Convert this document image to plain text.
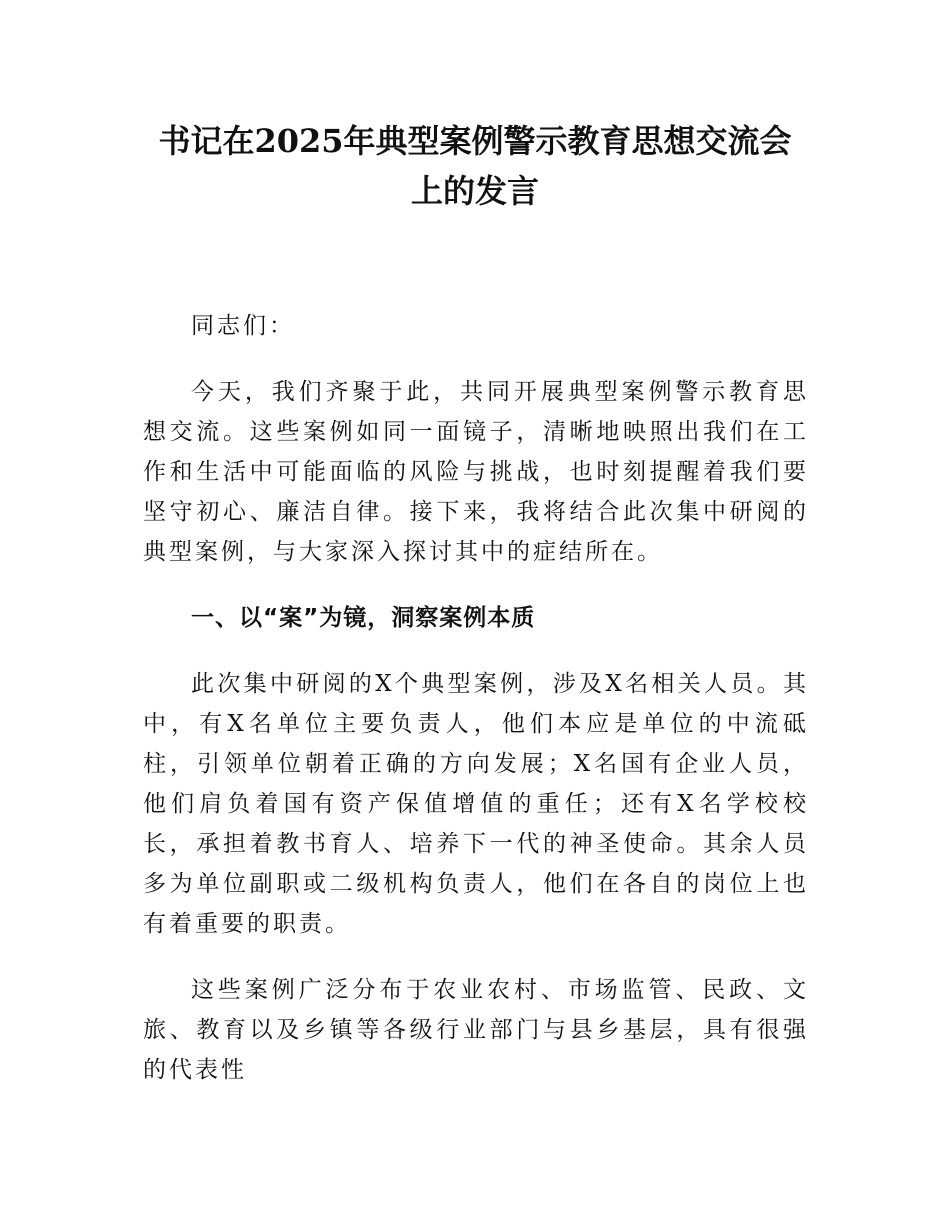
书记在2025年典型案例警示教育思想交流会
上的发言

同志们：

今天，我们齐聚于此，共同开展典型案例警示教育思想交流。这些案例如同一面镜子，清晰地映照出我们在工作和生活中可能面临的风险与挑战，也时刻提醒着我们要坚守初心、廉洁自律。接下来，我将结合此次集中研阅的典型案例，与大家深入探讨其中的症结所在。

一、以“案”为镜，洞察案例本质

此次集中研阅的X个典型案例，涉及X名相关人员。其中，有X名单位主要负责人，他们本应是单位的中流砥柱，引领单位朝着正确的方向发展；X名国有企业人员，他们肩负着国有资产保值增值的重任；还有X名学校校长，承担着教书育人、培养下一代的神圣使命。其余人员多为单位副职或二级机构负责人，他们在各自的岗位上也有着重要的职责。

这些案例广泛分布于农业农村、市场监管、民政、文旅、教育以及乡镇等各级行业部门与县乡基层，具有很强的代表性
